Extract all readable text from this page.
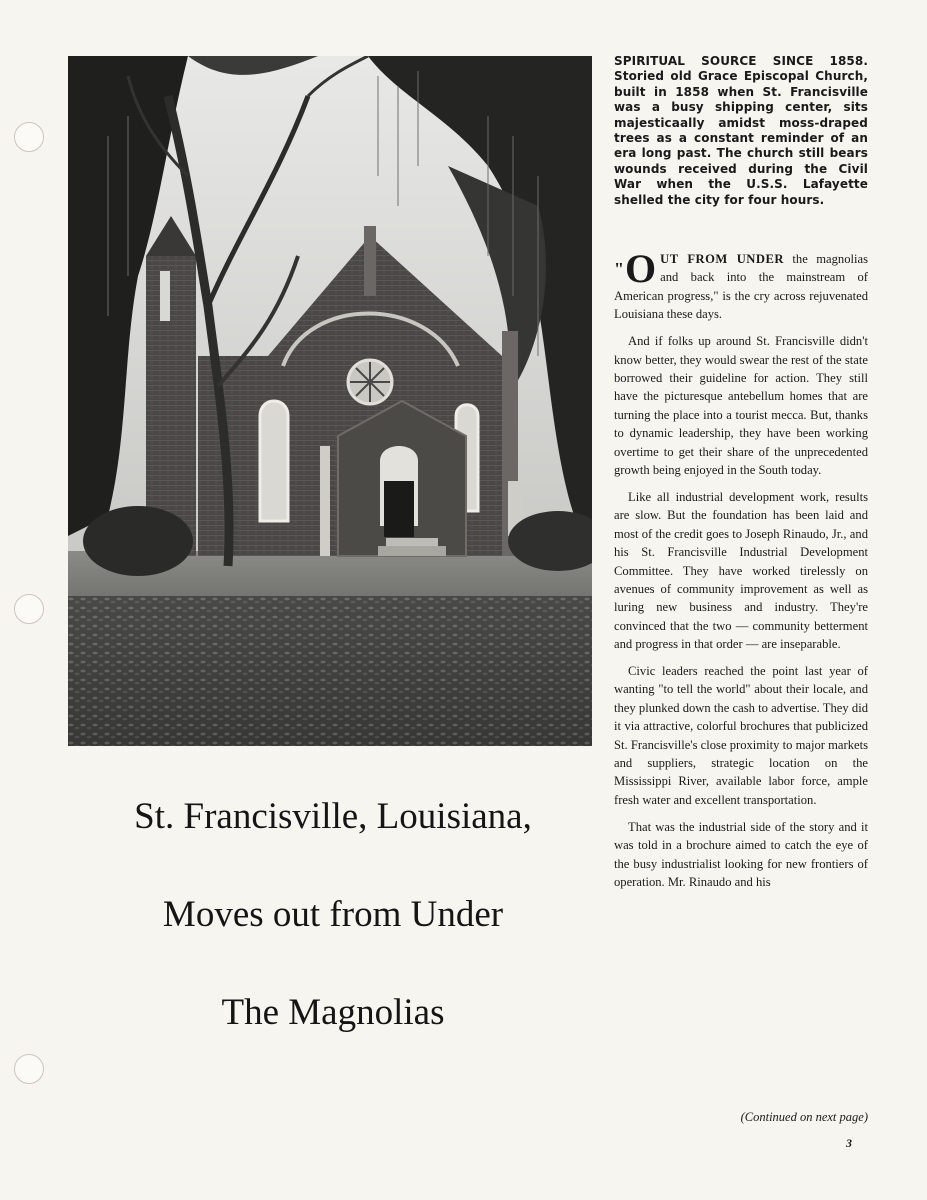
SPIRITUAL SOURCE SINCE 1858. Storied old Grace Episcopal Church, built in 1858 when St. Francisville was a busy shipping center, sits majesticaally amidst moss-draped trees as a constant reminder of an era long past. The church still bears wounds received during the Civil War when the U.S.S. Lafayette shelled the city for four hours.

St. Francisville, Louisiana,
Moves out from Under
The Magnolias

"O UT FROM UNDER the magnolias and back into the mainstream of American progress," is the cry across rejuvenated Louisiana these days.

And if folks up around St. Francisville didn't know better, they would swear the rest of the state borrowed their guideline for action. They still have the picturesque antebellum homes that are turning the place into a tourist mecca. But, thanks to dynamic leadership, they have been working overtime to get their share of the unprecedented growth being enjoyed in the South today.

Like all industrial development work, results are slow. But the foundation has been laid and most of the credit goes to Joseph Rinaudo, Jr., and his St. Francisville Industrial Development Committee. They have worked tirelessly on avenues of community improvement as well as luring new business and industry. They're convinced that the two — community betterment and progress in that order — are inseparable.

Civic leaders reached the point last year of wanting "to tell the world" about their locale, and they plunked down the cash to advertise. They did it via attractive, colorful brochures that publicized St. Francisville's close proximity to major markets and suppliers, strategic location on the Mississippi River, available labor force, ample fresh water and excellent transportation.

That was the industrial side of the story and it was told in a brochure aimed to catch the eye of the busy industrialist looking for new frontiers of operation. Mr. Rinaudo and his

(Continued on next page)
3
